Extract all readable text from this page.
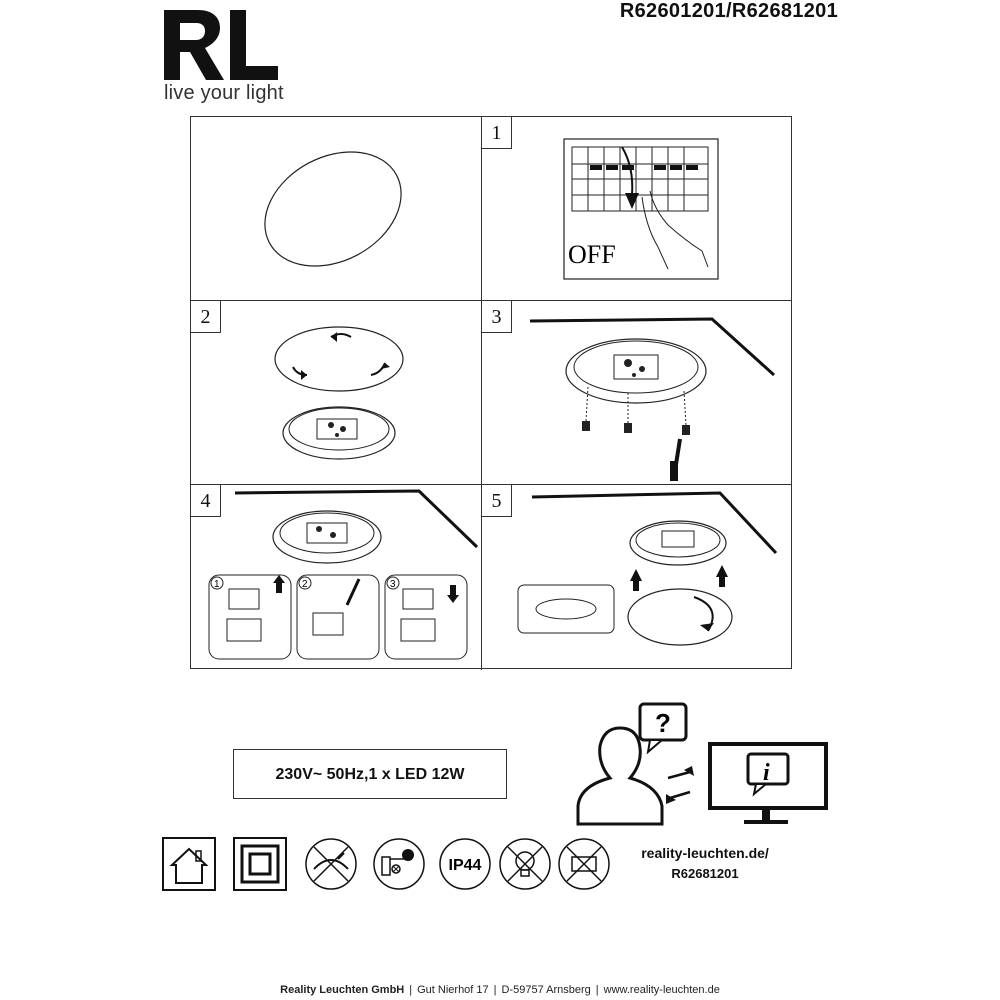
live your light
R62601201/R62681201
1
OFF
2	3
4
1	2	3
5
230V~ 50Hz,1 x LED 12W
?
i
IP44
reality-leuchten.de/
R62681201
Reality Leuchten GmbH | Gut Nierhof 17 | D-59757 Arnsberg | www.reality-leuchten.de
